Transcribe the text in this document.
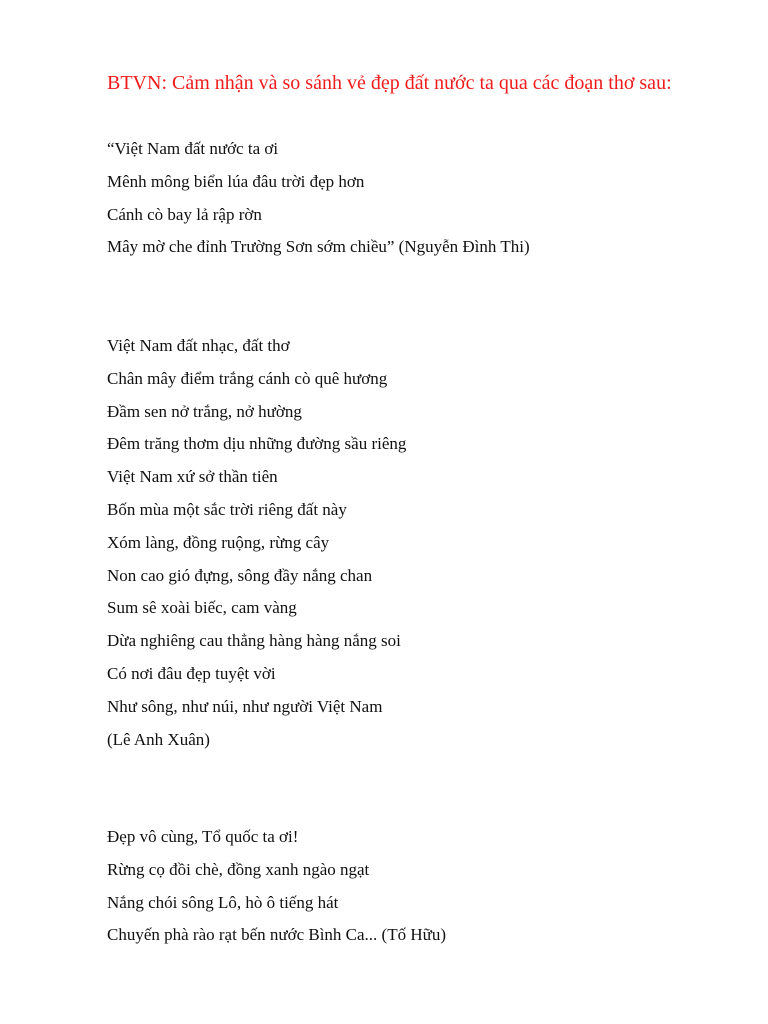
BTVN: Cảm nhận và so sánh vẻ đẹp đất nước ta qua các đoạn thơ sau:
“Việt Nam đất nước ta ơi
Mênh mông biển lúa đâu trời đẹp hơn
Cánh cò bay lả rập rờn
Mây mờ che đỉnh Trường Sơn sớm chiều” (Nguyễn Đình Thi)
Việt Nam đất nhạc, đất thơ
Chân mây điểm trắng cánh cò quê hương
Đầm sen nở trắng, nở hường
Đêm trăng thơm dịu những đường sầu riêng
Việt Nam xứ sở thần tiên
Bốn mùa một sắc trời riêng đất này
Xóm làng, đồng ruộng, rừng cây
Non cao gió đựng, sông đầy nắng chan
Sum sê xoài biếc, cam vàng
Dừa nghiêng cau thẳng hàng hàng nắng soi
Có nơi đâu đẹp tuyệt vời
Như sông, như núi, như người Việt Nam
(Lê Anh Xuân)
Đẹp vô cùng, Tổ quốc ta ơi!
Rừng cọ đồi chè, đồng xanh ngào ngạt
Nắng chói sông Lô, hò ô tiếng hát
Chuyến phà rào rạt bến nước Bình Ca... (Tố Hữu)
